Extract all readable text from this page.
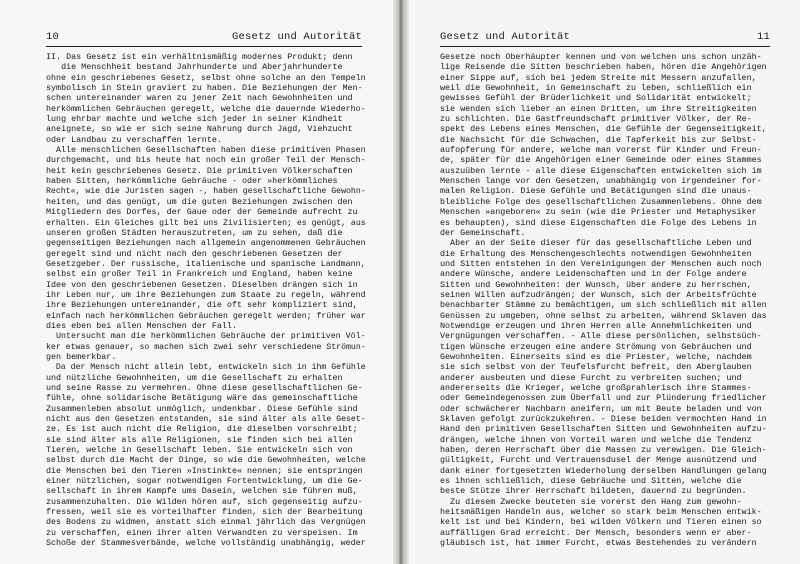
10	Gesetz und Autorität
II. Das Gesetz ist ein verhältnismäßig modernes Produkt; denn
die Menschheit bestand Jahrhunderte und Aberjahrhunderte
ohne ein geschriebenes Gesetz, selbst ohne solche an den Tempeln
symbolisch in Stein graviert zu haben. Die Beziehungen der Men-
schen untereinander waren zu jener Zeit nach Gewohnheiten und
herkömmlichen Gebräuchen geregelt, welche die dauernde Wiederho-
lung ehrbar machte und welche sich jeder in seiner Kindheit
aneignete, so wie er sich seine Nahrung durch Jagd, Viehzucht
oder Landbau zu verschaffen lernte.
Alle menschlichen Gesellschaften haben diese primitiven Phasen
durchgemacht, und bis heute hat noch ein großer Teil der Mensch-
heit kein geschriebenes Gesetz. Die primitiven Völkerschaften
haben Sitten, herkömmliche Gebräuche - oder »herkömmliches
Recht«, wie die Juristen sagen -, haben gesellschaftliche Gewohn-
heiten, und das genügt, um die guten Beziehungen zwischen den
Mitgliedern des Dorfes, der Gaue oder der Gemeinde aufrecht zu
erhalten. Ein Gleiches gilt bei uns Zivilisierten; es genügt, aus
unseren großen Städten herauszutreten, um zu sehen, daß die
gegenseitigen Beziehungen nach allgemein angenommenen Gebräuchen
geregelt sind und nicht nach den geschriebenen Gesetzen der
Gesetzgeber. Der russische, italienische und spanische Landmann,
selbst ein großer Teil in Frankreich und England, haben keine
Idee von den geschriebenen Gesetzen. Dieselben drängen sich in
ihr Leben nur, um ihre Beziehungen zum Staate zu regeln, während
ihre Beziehungen untereinander, die oft sehr kompliziert sind,
einfach nach herkömmlichen Gebräuchen geregelt werden; früher war
dies eben bei allen Menschen der Fall.
Untersucht man die herkömmlichen Gebräuche der primitiven Völ-
ker etwas genauer, so machen sich zwei sehr verschiedene Strömun-
gen bemerkbar.
Da der Mensch nicht allein lebt, entwickeln sich in ihm Gefühle
und nützliche Gewohnheiten, um die Gesellschaft zu erhalten
und seine Rasse zu vermehren. Ohne diese gesellschaftlichen Ge-
fühle, ohne solidarische Betätigung wäre das gemeinschaftliche
Zusammenleben absolut unmöglich, undenkbar. Diese Gefühle sind
nicht aus den Gesetzen entstanden, sie sind älter als alle Geset-
ze. Es ist auch nicht die Religion, die dieselben vorschreibt;
sie sind älter als alle Religionen, sie finden sich bei allen
Tieren, welche in Gesellschaft leben. Sie entwickeln sich von
selbst durch die Macht der Dinge, so wie die Gewohnheiten, welche
die Menschen bei den Tieren »Instinkte« nennen; sie entspringen
einer nützlichen, sogar notwendigen Fortentwicklung, um die Ge-
sellschaft in ihrem Kampfe ums Dasein, welchen sie führen muß,
zusammenzuhalten. Die Wilden hören auf, sich gegenseitig aufzu-
fressen, weil sie es vorteilhafter finden, sich der Bearbeitung
des Bodens zu widmen, anstatt sich einmal jährlich das Vergnügen
zu verschaffen, einen ihrer alten Verwandten zu verspeisen. Im
Schoße der Stammesverbände, welche vollständig unabhängig, weder
Gesetz und Autorität	11
Gesetze noch Oberhäupter kennen und von welchen uns schon unzäh-
lige Reisende die Sitten beschrieben haben, hören die Angehörigen
einer Sippe auf, sich bei jedem Streite mit Messern anzufallen,
weil die Gewohnheit, in Gemeinschaft zu leben, schließlich ein
gewisses Gefühl der Brüderlichkeit und Solidarität entwickelt;
sie wenden sich lieber an einen Dritten, um ihre Streitigkeiten
zu schlichten. Die Gastfreundschaft primitiver Völker, der Re-
spekt des Lebens eines Menschen, die Gefühle der Gegenseitigkeit,
die Nachsicht für die Schwachen, die Tapferkeit bis zur Selbst-
aufopferung für andere, welche man vorerst für Kinder und Freun-
de, später für die Angehörigen einer Gemeinde oder eines Stammes
auszuüben lernte - alle diese Eigenschaften entwickelten sich im
Menschen lange vor den Gesetzen, unabhängig von irgendeiner for-
malen Religion. Diese Gefühle und Betätigungen sind die unaus-
bleibliche Folge des gesellschaftlichen Zusammenlebens. Ohne dem
Menschen »angeboren« zu sein (wie die Priester und Metaphysiker
es behaupten), sind diese Eigenschaften die Folge des Lebens in
der Gemeinschaft.
Aber an der Seite dieser für das gesellschaftliche Leben und
die Erhaltung des Menschengeschlechts notwendigen Gewohnheiten
und Sitten entstehen in den Vereinigungen der Menschen auch noch
andere Wünsche, andere Leidenschaften und in der Folge andere
Sitten und Gewohnheiten: der Wunsch, über andere zu herrschen,
seinen Willen aufzudrängen; der Wunsch, sich der Arbeitsfrüchte
benachbarter Stämme zu bemächtigen, um sich schließlich mit allen
Genüssen zu umgeben, ohne selbst zu arbeiten, während Sklaven das
Notwendige erzeugen und ihren Herren alle Annehmlichkeiten und
Vergnügungen verschaffen. - Alle diese persönlichen, selbstsüch-
tigen Wünsche erzeugen eine andere Strömung von Gebräuchen und
Gewohnheiten. Einerseits sind es die Priester, welche, nachdem
sie sich selbst von der Teufelsfurcht befreit, den Aberglauben
anderer ausbeuten und diese Furcht zu verbreiten suchen; und
andererseits die Krieger, welche großprahlerisch ihre Stammes-
oder Gemeindegenossen zum Überfall und zur Plünderung friedlicher
oder schwächerer Nachbarn aneifern, um mit Beute beladen und von
Sklaven gefolgt zurückzukehren. - Diese beiden vermochten Hand in
Hand den primitiven Gesellschaften Sitten und Gewohnheiten aufzu-
drängen, welche ihnen von Vorteil waren und welche die Tendenz
haben, deren Herrschaft über die Massen zu verewigen. Die Gleich-
gültigkeit, Furcht und Vertrauensdusel der Menge ausnützend und
dank einer fortgesetzten Wiederholung derselben Handlungen gelang
es ihnen schließlich, diese Gebräuche und Sitten, welche die
beste Stütze ihrer Herrschaft bildeten, dauernd zu begründen.
Zu diesem Zwecke beuteten sie vorerst den Hang zum gewohn-
heitsmäßigen Handeln aus, welcher so stark beim Menschen entwik-
kelt ist und bei Kindern, bei wilden Völkern und Tieren einen so
auffälligen Grad erreicht. Der Mensch, besonders wenn er aber-
gläubisch ist, hat immer Furcht, etwas Bestehendes zu verändern
